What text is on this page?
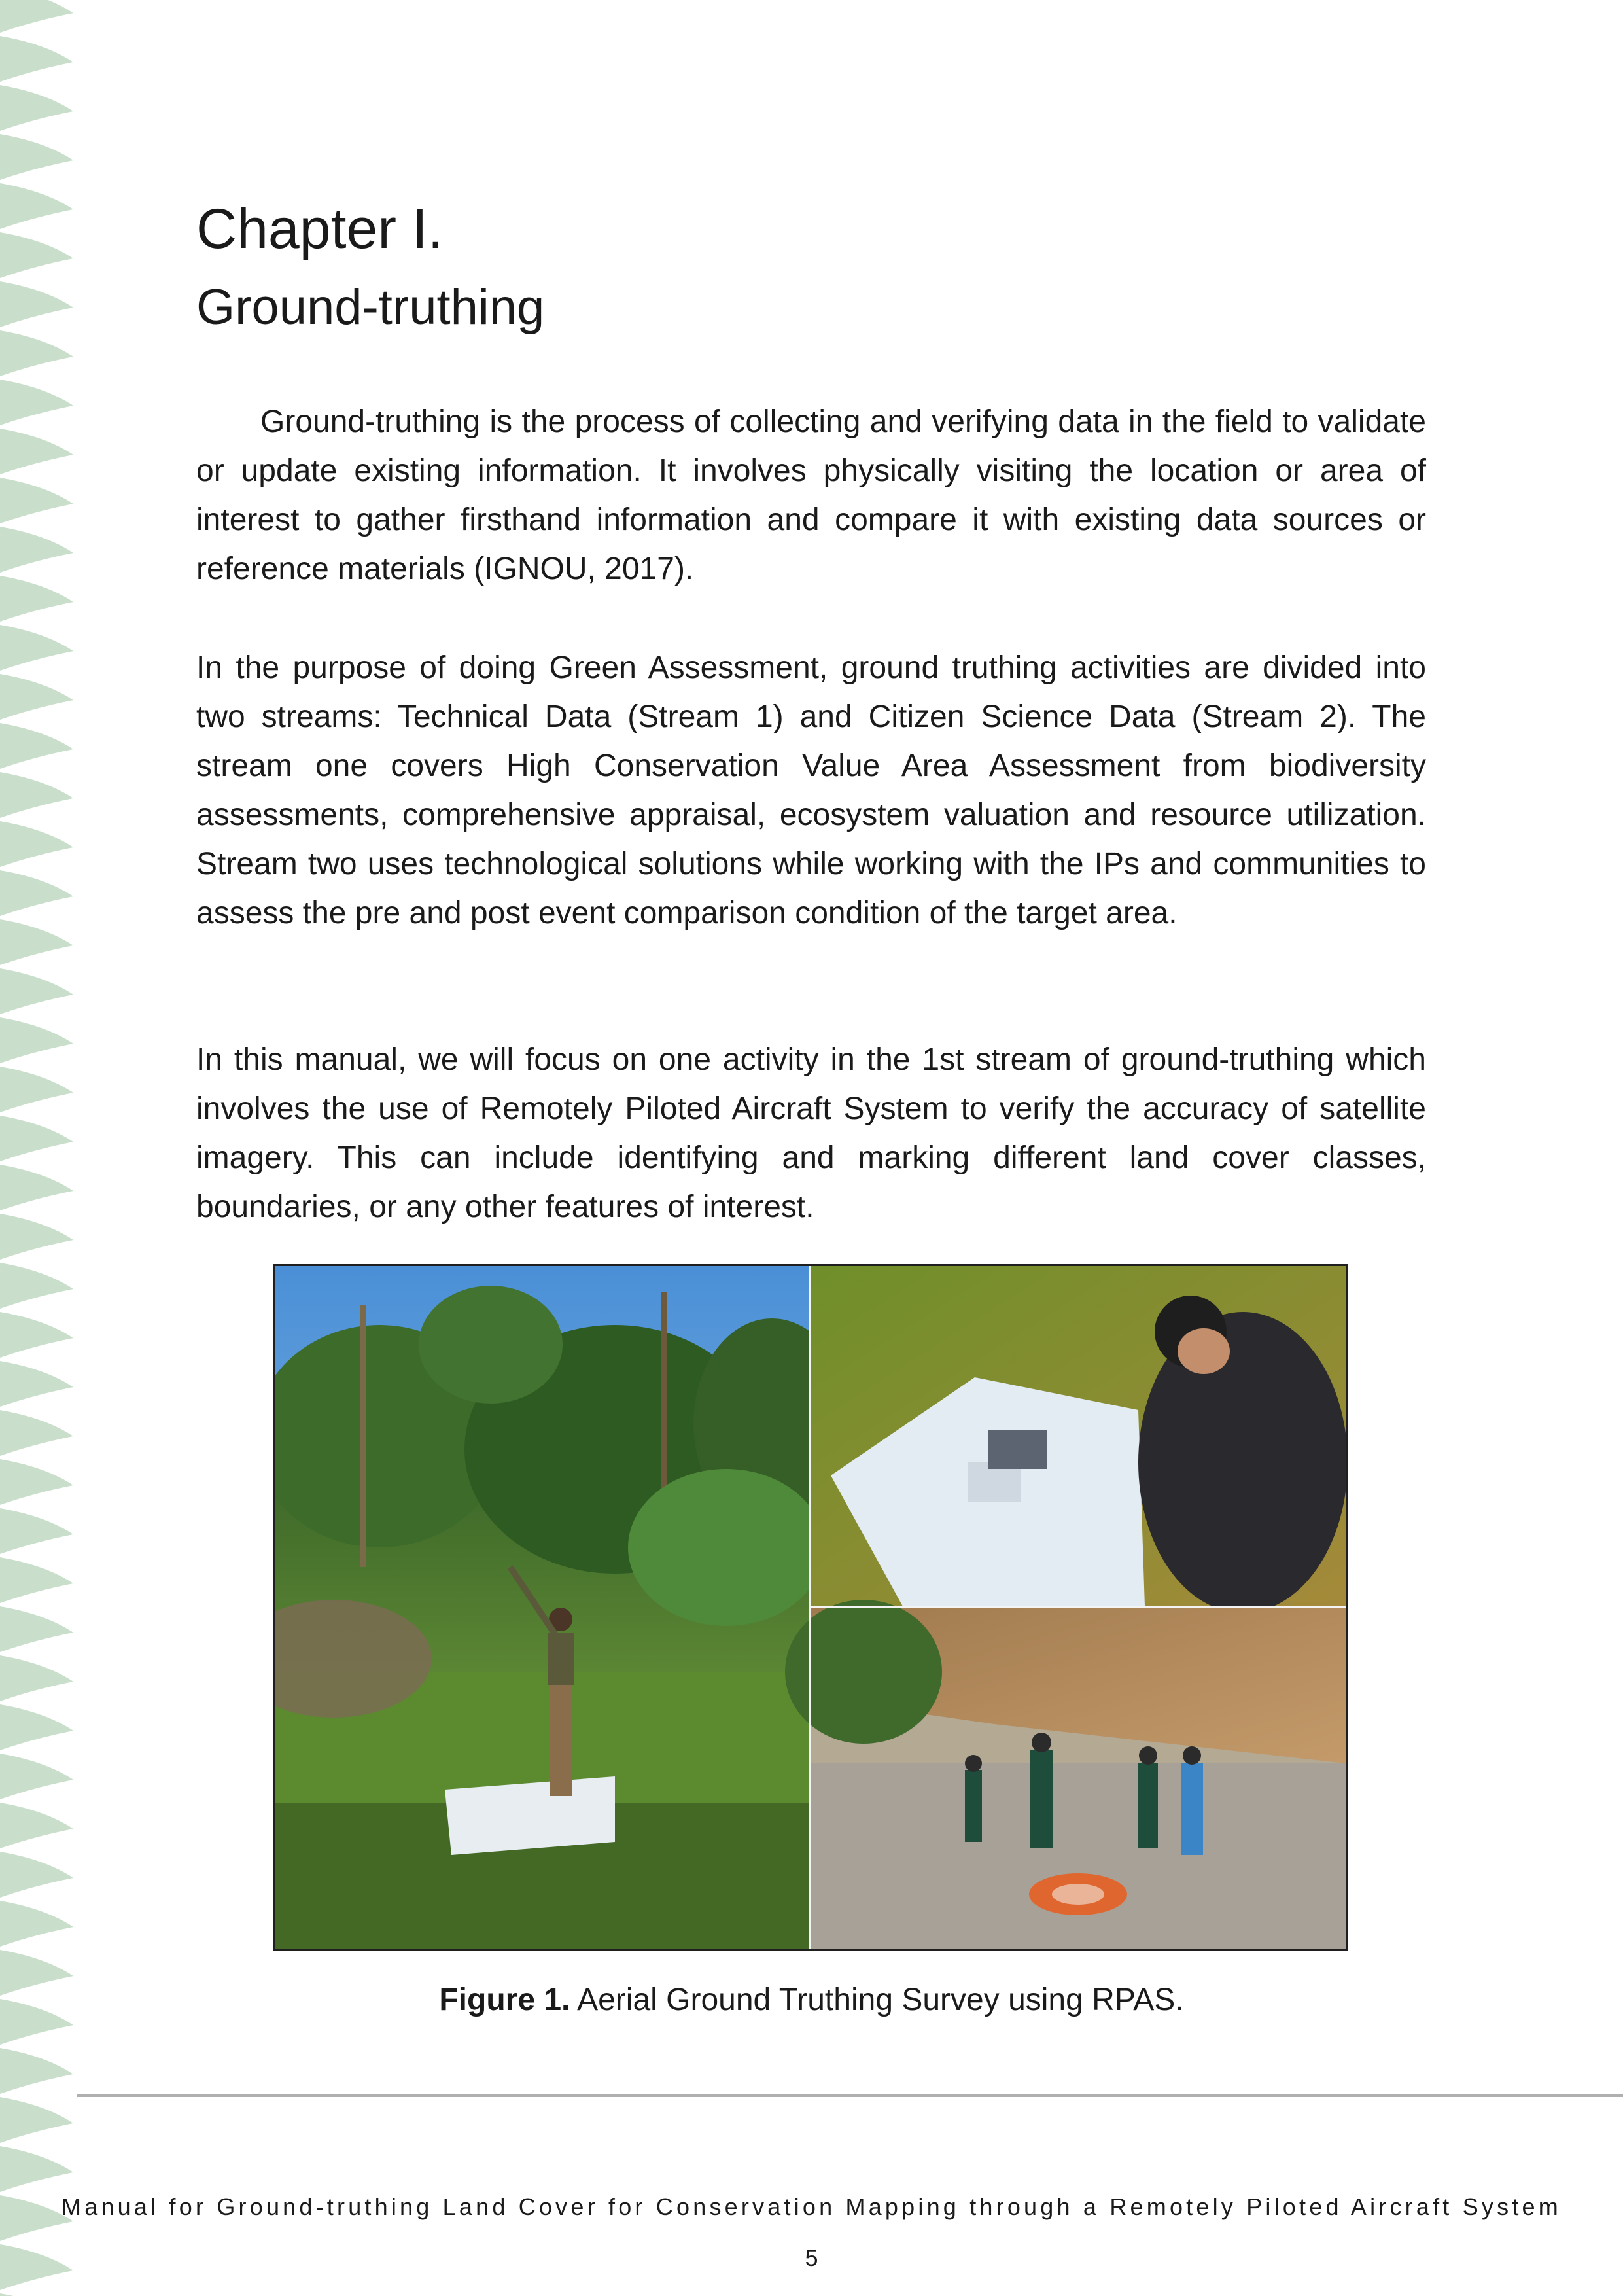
Chapter I.
Ground-truthing

Ground-truthing is the process of collecting and verifying data in the field to validate or update existing information. It involves physically visiting the location or area of interest to gather firsthand information and compare it with existing data sources or reference materials (IGNOU, 2017).

In the purpose of doing Green Assessment, ground truthing activities are divided into two streams: Technical Data (Stream 1) and Citizen Science Data (Stream 2). The stream one covers High Conservation Value Area Assessment from biodiversity assessments, comprehensive appraisal, ecosystem valuation and resource utilization. Stream two uses technological solutions while working with the IPs and communities to assess the pre and post event comparison condition of the target area.

In this manual, we will focus on one activity in the 1st stream of ground-truthing which involves the use of Remotely Piloted Aircraft System to verify the accuracy of satellite imagery. This can include identifying and marking different land cover classes, boundaries, or any other features of interest.

Figure 1. Aerial Ground Truthing Survey using RPAS.
Manual for Ground-truthing Land Cover for Conservation Mapping through a Remotely Piloted Aircraft System
5
